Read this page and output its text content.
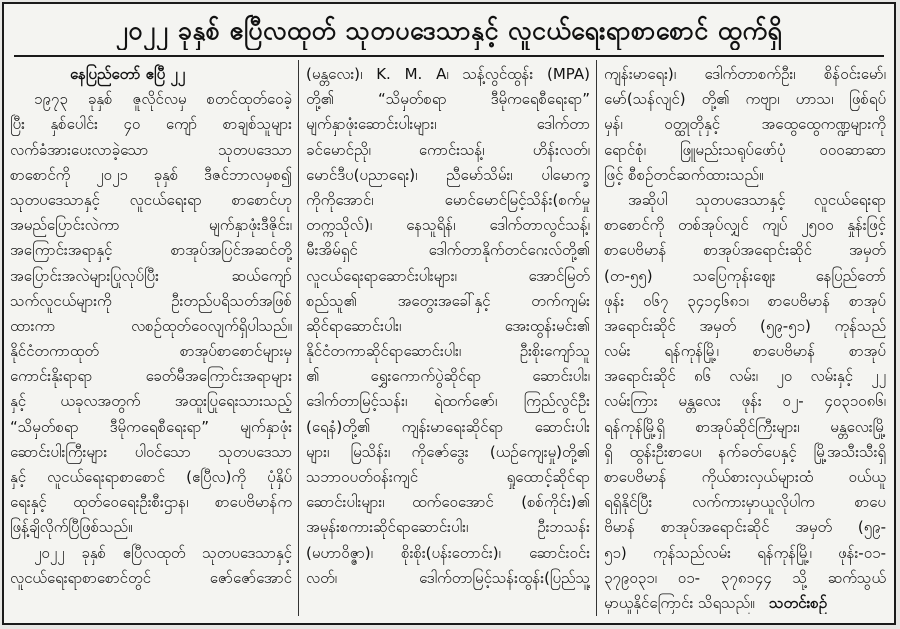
၂၀၂၂ ခုနှစ် ဧပြီလထုတ် သုတပဒေသာနှင့် လူငယ်ရေးရာစာစောင် ထွက်ရှိ
နေပြည်တော် ဧပြီ ၂၂
၁၉၇၃ ခုနှစ် ဇူလိုင်လမှ စတင်ထုတ်ဝေခဲ့
ပြီး နှစ်ပေါင်း ၄၀ ကျော် စာချစ်သူများ
လက်ခံအားပေးလာခဲ့သော သုတပဒေသာ
စာစောင်ကို ၂၀၂၁ ခုနှစ် ဒီဇင်ဘာလမှစ၍
သုတပဒေသာနှင့် လူငယ်ရေးရာ စာစောင်ဟု
အမည်ပြောင်းလဲကာ မျက်နှာဖုံးဒီဇိုင်း၊
အကြောင်းအရာနှင့် စာအုပ်အပြင်အဆင်တို့
အပြောင်းအလဲများပြုလုပ်ပြီး ဆယ်ကျော်
သက်လူငယ်များကို ဦးတည်ပရိသတ်အဖြစ်
ထားကာ လစဉ်ထုတ်ဝေလျက်ရှိပါသည်။
နိုင်ငံတကာထုတ် စာအုပ်စာစောင်များမှ
ကောင်းနိုးရာရာ ခေတ်မီအကြောင်းအရာများ
နှင့် ယခုလအတွက် အထူးပြုရေးသားသည့်
“သိမှတ်စရာ ဒီမိုကရေစီရေးရာ” မျက်နှာဖုံး
ဆောင်းပါးကြီးများ ပါဝင်သော သုတပဒေသာ
နှင့် လူငယ်ရေးရာစာစောင် (ဧပြီလ)ကို ပုံနှိပ်
ရေးနှင့် ထုတ်ဝေရေးဦးစီးဌာန၊ စာပေဗိမာန်က
ဖြန့်ချိလိုက်ပြီဖြစ်သည်။
၂၀၂၂ ခုနှစ် ဧပြီလထုတ် သုတပဒေသာနှင့်
လူငယ်ရေးရာစာစောင်တွင် ဇော်ဇော်အောင်
(မန္တလေး)၊ K. M. A၊ သန့်လွင်ထွန်း (MPA)
တို့၏ “သိမှတ်စရာ ဒီမိုကရေစီရေးရာ”
မျက်နှာဖုံးဆောင်းပါးများ၊ ဒေါက်တာ
ခင်မောင်ညို၊ ကောင်းသန့်၊ ဟိန်းလတ်၊
မောင်ဒီပ(ပညာရေး)၊ ညီမော်သိမ်း၊ ပါမောက္ခ
ကိုကိုအောင်၊ မောင်မောင်မြင့်သိန်း(စက်မှု
တက္ကသိုလ်)၊ နေသူရိန်၊ ဒေါက်တာလွင်သန့်၊
မီးအိမ်ရှင် ဒေါက်တာနိုက်တင်ဂေးလ်တို့၏
လူငယ်ရေးရာဆောင်းပါးများ၊ အောင်မြတ်
စည်သူ၏ အတွေးအခေါ်နှင့် တက်ကျမ်း
ဆိုင်ရာဆောင်းပါး၊ အေးထွန်းမင်း၏
နိုင်ငံတကာဆိုင်ရာဆောင်းပါး၊ ဦးစိုးကျော်သူ
၏ ရွှေးကောက်ပွဲဆိုင်ရာ ဆောင်းပါး၊
ဒေါက်တာမြင့်သန်း၊ ရဲထက်ဇော်၊ ကြည်လွင်ဦး
(ရေနံ)တို့၏ ကျန်းမာရေးဆိုင်ရာ ဆောင်းပါး
များ၊ မြသိန်း၊ ကိုဇော်ဒွေး (ယဉ်ကျေးမှု)တို့၏
သဘာဝပတ်ဝန်းကျင် ရှုထောင့်ဆိုင်ရာ
ဆောင်းပါးများ၊ ထက်ဝေအောင် (စစ်ကိုင်း)၏
အမုန်းစကားဆိုင်ရာဆောင်းပါး၊ ဦးဘသန်း
(မဟာဝိဇ္ဇာ)၊ စိုးစိုး(ပန်းတောင်း)၊ ဆောင်းဝင်း
လတ်၊ ဒေါက်တာမြင့်သန်းထွန်း(ပြည်သူ့
ကျန်းမာရေး)၊ ဒေါက်တာစက်ဦး၊ စိန်ဝင်းမော်၊
မော်(သန်လျင်) တို့၏ ကဗျာ၊ ဟာသ၊ ဖြစ်ရပ်
မှန်၊ ဝတ္ထုတိုနှင့် အထွေထွေကဏ္ဍများကို
ရောင်စုံ၊ ဖြူမည်းသရုပ်ဖော်ပုံ ဝဝဝဆာဆာ
ဖြင့် စီစဉ်တင်ဆက်ထားသည်။
အဆိုပါ သုတပဒေသာနှင့် လူငယ်ရေးရာ
စာစောင်ကို တစ်အုပ်လျှင် ကျပ် ၂၅၀၀ နှုန်းဖြင့်
စာပေဗိမာန် စာအုပ်အရောင်းဆိုင် အမှတ်
(တ-၅၅) သပြေကုန်းဈေး နေပြည်တော်
ဖုန်း ၀၆၇ ၃၄၁၄၆၈၁၊ စာပေဗိမာန် စာအုပ်
အရောင်းဆိုင် အမှတ် (၅၉-၅၁) ကုန်သည်
လမ်း ရန်ကုန်မြို့၊ စာပေဗိမာန် စာအုပ်
အရောင်းဆိုင် ၈၆ လမ်း၊ ၂၀ လမ်းနှင့် ၂၂
လမ်းကြား မန္တလေး ဖုန်း ၀၂- ၄၀၃၁၀၈၆၊
ရန်ကုန်မြို့ရှိ စာအုပ်ဆိုင်ကြီးများ၊ မန္တလေးမြို့
ရှိ ထွန်းဦးစာပေ၊ နက်ခတ်ပေနှင့် မြို့အသီးသီးရှိ
စာပေဗိမာန် ကိုယ်စားလှယ်များထံ ဝယ်ယူ
ရရှိနိုင်ပြီး လက်ကားမှာယူလိုပါက စာပေ
ဗိမာန် စာအုပ်အရောင်းဆိုင် အမှတ် (၅၉-
၅၁) ကုန်သည်လမ်း ရန်ကုန်မြို့၊ ဖုန်း-၀၁-
၃၇၉၀၃၁၊ ၀၁- ၃၇၈၁၄၄ သို့ ဆက်သွယ်
မှာယူနိုင်ကြောင်း သိရသည်။ သတင်းစဉ်
